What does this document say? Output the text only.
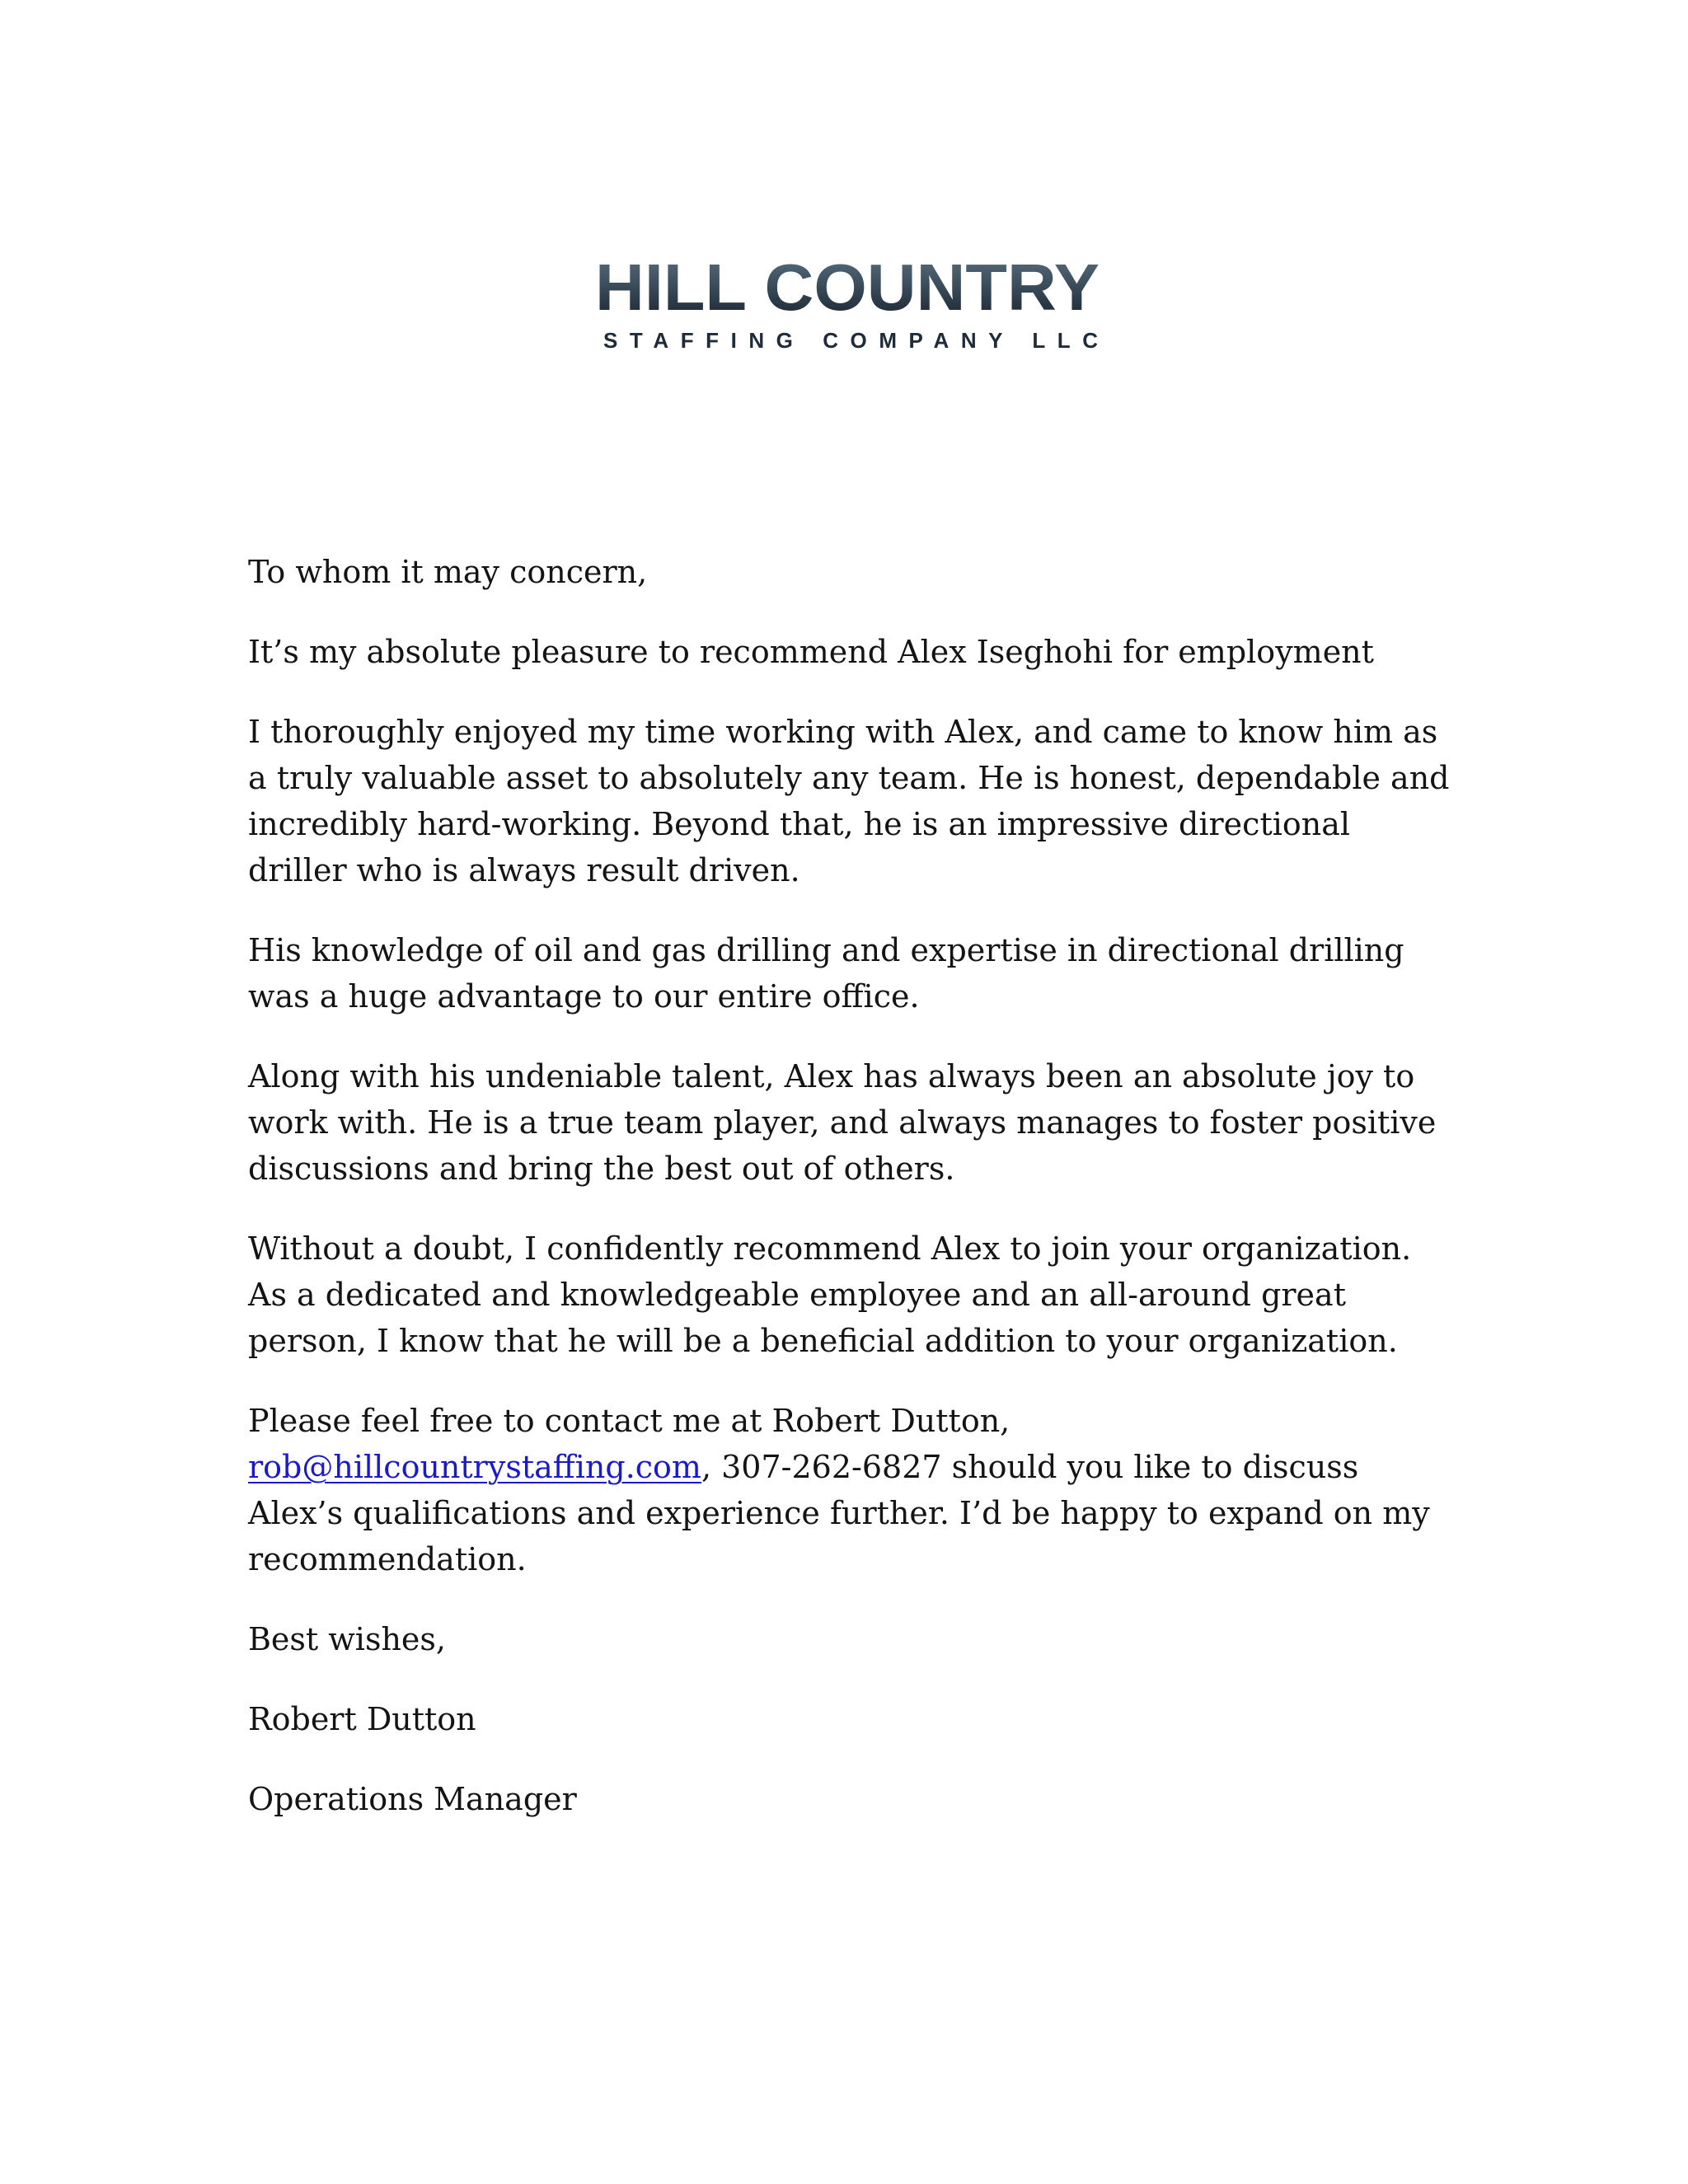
HILL COUNTRY
STAFFING COMPANY LLC

To whom it may concern,

It’s my absolute pleasure to recommend Alex Iseghohi for employment

I thoroughly enjoyed my time working with Alex, and came to know him as a truly valuable asset to absolutely any team. He is honest, dependable and incredibly hard-working. Beyond that, he is an impressive directional driller who is always result driven.

His knowledge of oil and gas drilling and expertise in directional drilling was a huge advantage to our entire office.

Along with his undeniable talent, Alex has always been an absolute joy to work with. He is a true team player, and always manages to foster positive discussions and bring the best out of others.

Without a doubt, I confidently recommend Alex to join your organization.  As a dedicated and knowledgeable employee and an all-around great person, I know that he will be a beneficial addition to your organization.

Please feel free to contact me at Robert Dutton, rob@hillcountrystaffing.com, 307-262-6827 should you like to discuss Alex’s qualifications and experience further. I’d be happy to expand on my recommendation.

Best wishes,

Robert Dutton

Operations Manager
